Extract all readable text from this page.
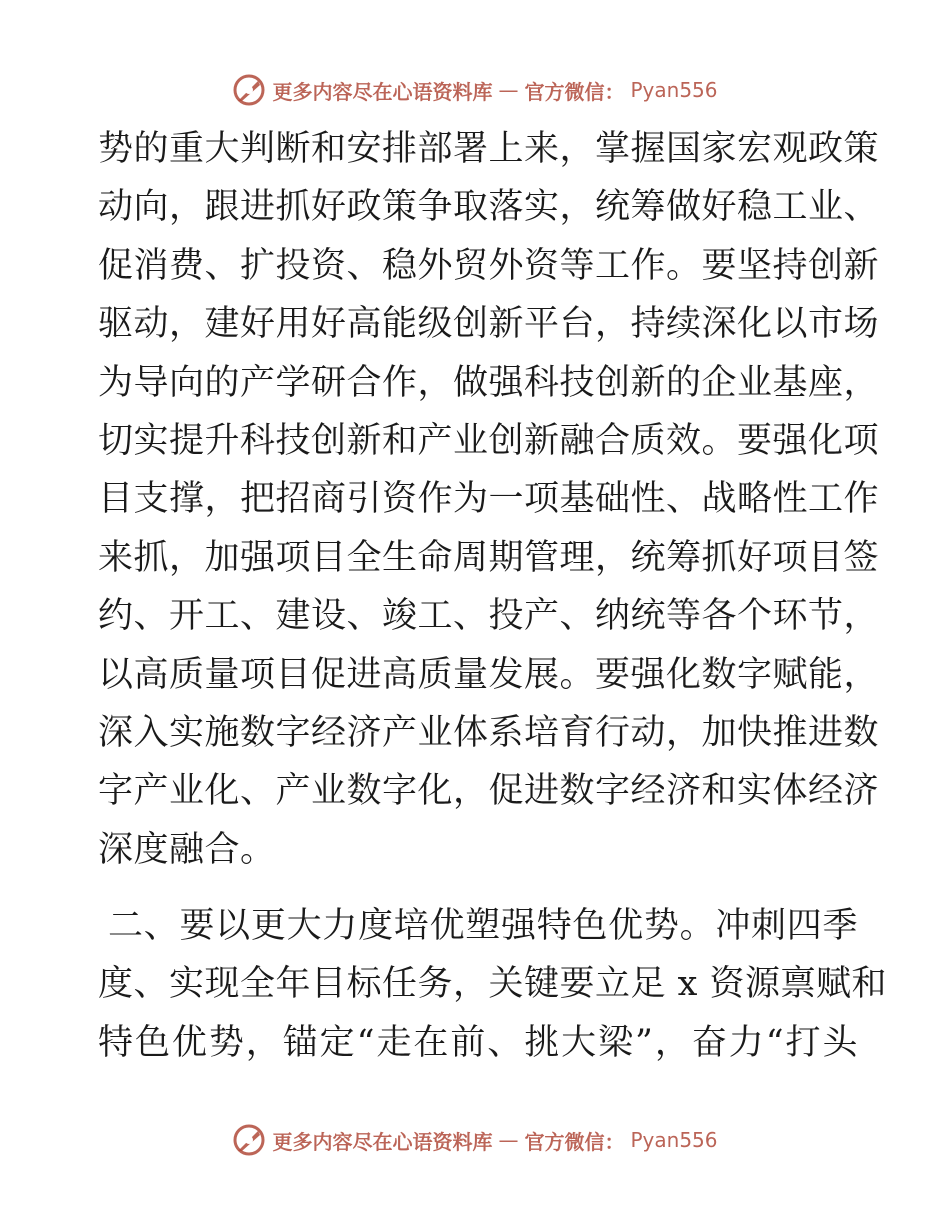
更多内容尽在心语资料库 — 官方微信： Pyan556
势的重大判断和安排部署上来，掌握国家宏观政策
动向，跟进抓好政策争取落实，统筹做好稳工业、
促消费、扩投资、稳外贸外资等工作。要坚持创新
驱动，建好用好高能级创新平台，持续深化以市场
为导向的产学研合作，做强科技创新的企业基座，
切实提升科技创新和产业创新融合质效。要强化项
目支撑，把招商引资作为一项基础性、战略性工作
来抓，加强项目全生命周期管理，统筹抓好项目签
约、开工、建设、竣工、投产、纳统等各个环节，
以高质量项目促进高质量发展。要强化数字赋能，
深入实施数字经济产业体系培育行动，加快推进数
字产业化、产业数字化，促进数字经济和实体经济
深度融合。
二、要以更大力度培优塑强特色优势。冲刺四季
度、实现全年目标任务，关键要立足 x 资源禀赋和
特色优势，锚定“走在前、挑大梁”，奋力“打头
更多内容尽在心语资料库 — 官方微信： Pyan556
